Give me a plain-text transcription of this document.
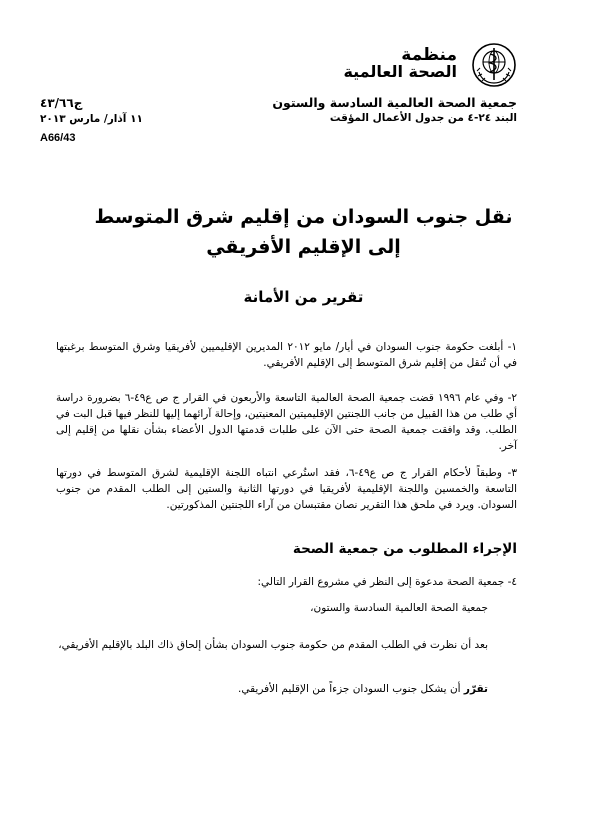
منظمة
الصحة العالمية
جمعية الصحة العالمية السادسة والستون
البند ٢٤-٤ من جدول الأعمال المؤقت
ج٤٣/٦٦
١١ آذار/ مارس ٢٠١٣
A66/43
نقل جنوب السودان من إقليم شرق المتوسط
إلى الإقليم الأفريقي
تقرير من الأمانة
١- أبلغت حكومة جنوب السودان في أيار/ مايو ٢٠١٢ المديرين الإقليميين لأفريقيا وشرق المتوسط برغبتها في أن تُنقل من إقليم شرق المتوسط إلى الإقليم الأفريقي.
٢- وفي عام ١٩٩٦ قضت جمعية الصحة العالمية التاسعة والأربعون في القرار ج ص ع٤٩-٦ بضرورة دراسة أي طلب من هذا القبيل من جانب اللجنتين الإقليميتين المعنيتين، وإحالة آرائهما إليها للنظر فيها قبل البت في الطلب. وقد وافقت جمعية الصحة حتى الآن على طلبات قدمتها الدول الأعضاء بشأن نقلها من إقليم إلى آخر.
٣- وطبقاً لأحكام القرار ج ص ع٤٩-٦، فقد استُرعي انتباه اللجنة الإقليمية لشرق المتوسط في دورتها التاسعة والخمسين واللجنة الإقليمية لأفريقيا في دورتها الثانية والستين إلى الطلب المقدم من جنوب السودان. ويرد في ملحق هذا التقرير نصان مقتبسان من آراء اللجنتين المذكورتين.
الإجراء المطلوب من جمعية الصحة
٤- جمعية الصحة مدعوة إلى النظر في مشروع القرار التالي:
جمعية الصحة العالمية السادسة والستون،
بعد أن نظرت في الطلب المقدم من حكومة جنوب السودان بشأن إلحاق ذاك البلد بالإقليم الأفريقي،
تقرّر أن يشكل جنوب السودان جزءاً من الإقليم الأفريقي.
